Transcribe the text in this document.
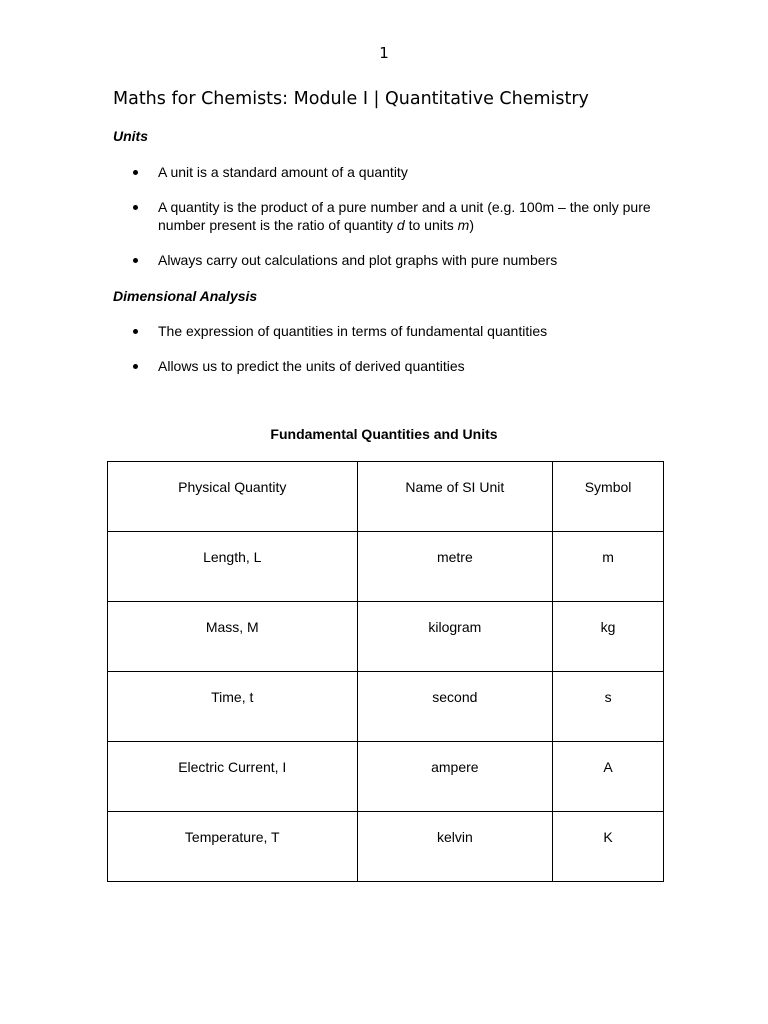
1
Maths for Chemists: Module I | Quantitative Chemistry
Units
A unit is a standard amount of a quantity
A quantity is the product of a pure number and a unit (e.g. 100m – the only pure number present is the ratio of quantity d to units m)
Always carry out calculations and plot graphs with pure numbers
Dimensional Analysis
The expression of quantities in terms of fundamental quantities
Allows us to predict the units of derived quantities

Fundamental Quantities and Units

Physical Quantity	Name of SI Unit	Symbol
Length, L	metre	m
Mass, M	kilogram	kg
Time, t	second	s
Electric Current, I	ampere	A
Temperature, T	kelvin	K
